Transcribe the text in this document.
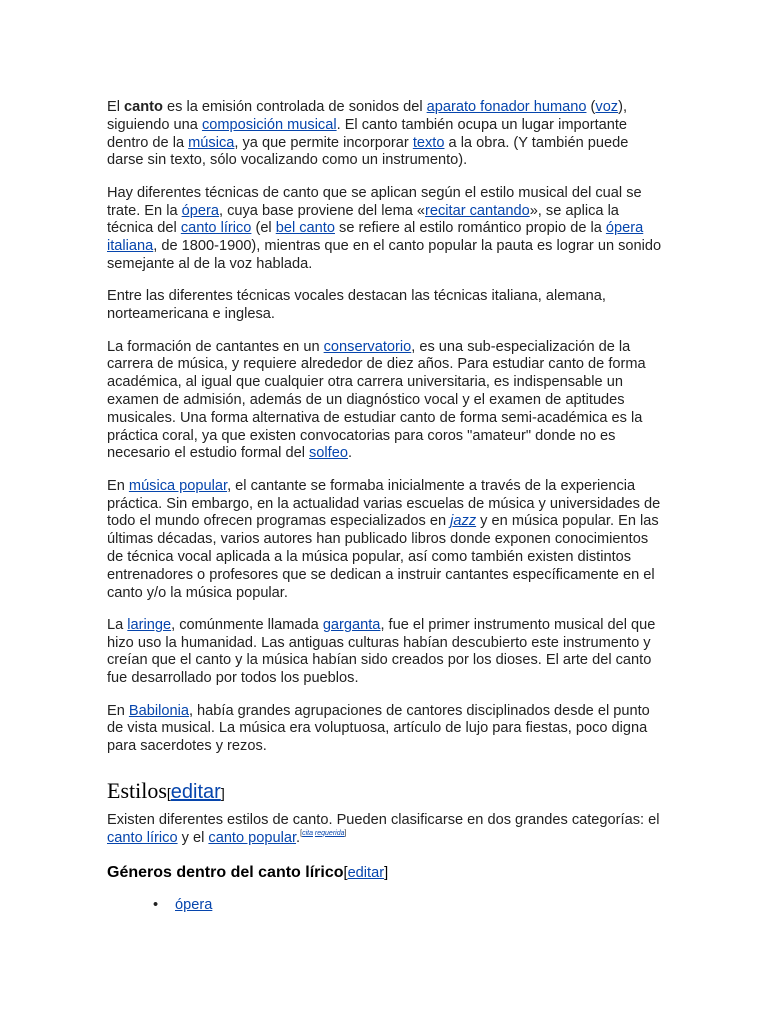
El canto es la emisión controlada de sonidos del aparato fonador humano (voz), siguiendo una composición musical. El canto también ocupa un lugar importante dentro de la música, ya que permite incorporar texto a la obra. (Y también puede darse sin texto, sólo vocalizando como un instrumento).

Hay diferentes técnicas de canto que se aplican según el estilo musical del cual se trate. En la ópera, cuya base proviene del lema «recitar cantando», se aplica la técnica del canto lírico (el bel canto se refiere al estilo romántico propio de la ópera italiana, de 1800-1900), mientras que en el canto popular la pauta es lograr un sonido semejante al de la voz hablada.

Entre las diferentes técnicas vocales destacan las técnicas italiana, alemana, norteamericana e inglesa.

La formación de cantantes en un conservatorio, es una sub-especialización de la carrera de música, y requiere alrededor de diez años. Para estudiar canto de forma académica, al igual que cualquier otra carrera universitaria, es indispensable un examen de admisión, además de un diagnóstico vocal y el examen de aptitudes musicales. Una forma alternativa de estudiar canto de forma semi-académica es la práctica coral, ya que existen convocatorias para coros "amateur" donde no es necesario el estudio formal del solfeo.

En música popular, el cantante se formaba inicialmente a través de la experiencia práctica. Sin embargo, en la actualidad varias escuelas de música y universidades de todo el mundo ofrecen programas especializados en jazz y en música popular. En las últimas décadas, varios autores han publicado libros donde exponen conocimientos de técnica vocal aplicada a la música popular, así como también existen distintos entrenadores o profesores que se dedican a instruir cantantes específicamente en el canto y/o la música popular.

La laringe, comúnmente llamada garganta, fue el primer instrumento musical del que hizo uso la humanidad. Las antiguas culturas habían descubierto este instrumento y creían que el canto y la música habían sido creados por los dioses. El arte del canto fue desarrollado por todos los pueblos.

En Babilonia, había grandes agrupaciones de cantores disciplinados desde el punto de vista musical. La música era voluptuosa, artículo de lujo para fiestas, poco digna para sacerdotes y rezos.

Estilos[editar]

Existen diferentes estilos de canto. Pueden clasificarse en dos grandes categorías: el canto lírico y el canto popular.[cita requerida]

Géneros dentro del canto lírico[editar]
• ópera
